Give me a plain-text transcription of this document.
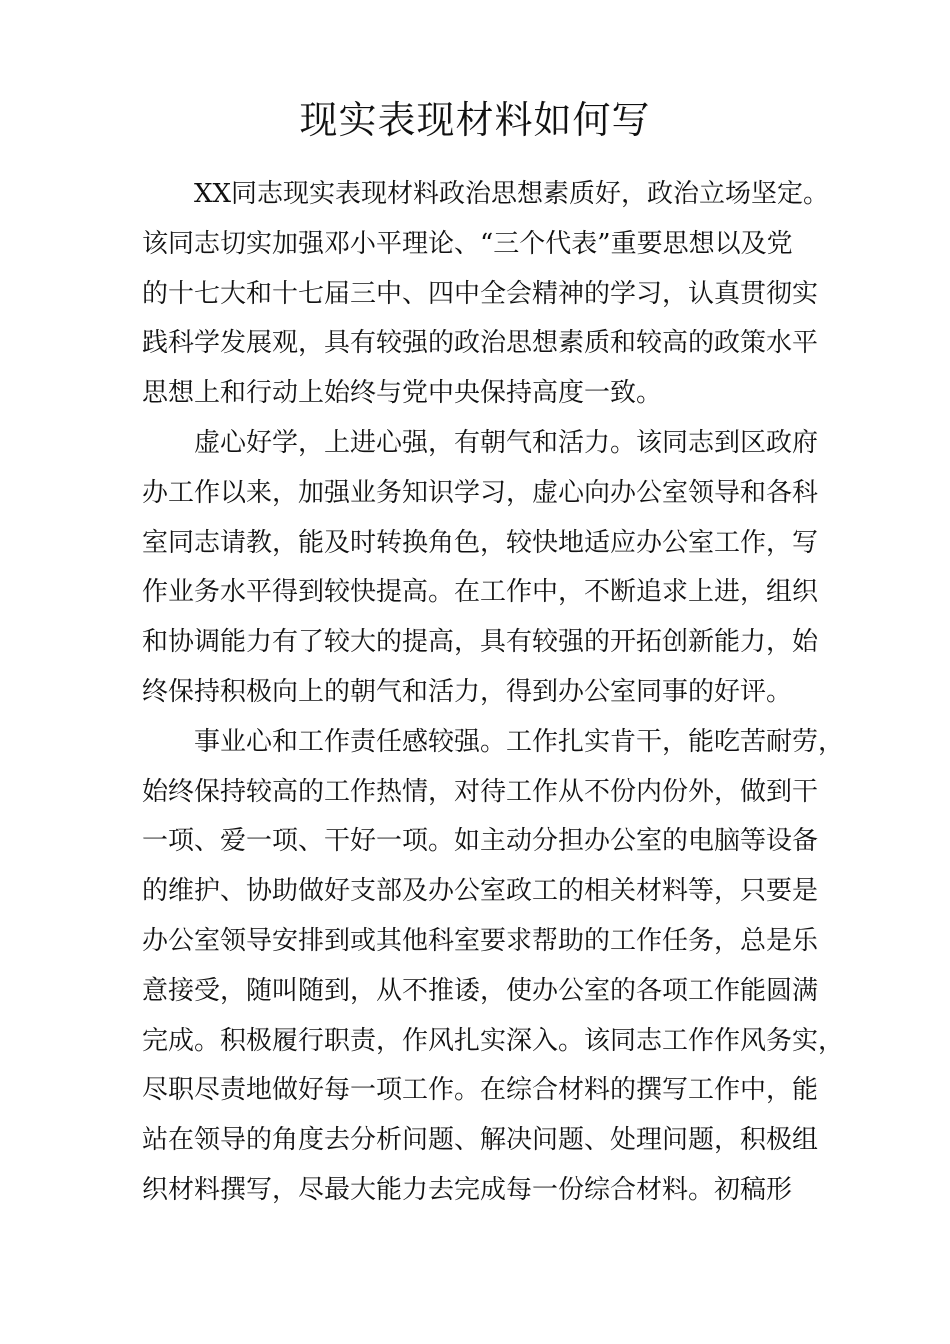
现实表现材料如何写
XX同志现实表现材料政治思想素质好，政治立场坚定。
该同志切实加强邓小平理论、“三个代表”重要思想以及党
的十七大和十七届三中、四中全会精神的学习，认真贯彻实
践科学发展观，具有较强的政治思想素质和较高的政策水平
思想上和行动上始终与党中央保持高度一致。
虚心好学，上进心强，有朝气和活力。该同志到区政府
办工作以来，加强业务知识学习，虚心向办公室领导和各科
室同志请教，能及时转换角色，较快地适应办公室工作，写
作业务水平得到较快提高。在工作中，不断追求上进，组织
和协调能力有了较大的提高，具有较强的开拓创新能力，始
终保持积极向上的朝气和活力，得到办公室同事的好评。
事业心和工作责任感较强。工作扎实肯干，能吃苦耐劳，
始终保持较高的工作热情，对待工作从不份内份外，做到干
一项、爱一项、干好一项。如主动分担办公室的电脑等设备
的维护、协助做好支部及办公室政工的相关材料等，只要是
办公室领导安排到或其他科室要求帮助的工作任务，总是乐
意接受，随叫随到，从不推诿，使办公室的各项工作能圆满
完成。积极履行职责，作风扎实深入。该同志工作作风务实，
尽职尽责地做好每一项工作。在综合材料的撰写工作中，能
站在领导的角度去分析问题、解决问题、处理问题，积极组
织材料撰写，尽最大能力去完成每一份综合材料。初稿形
